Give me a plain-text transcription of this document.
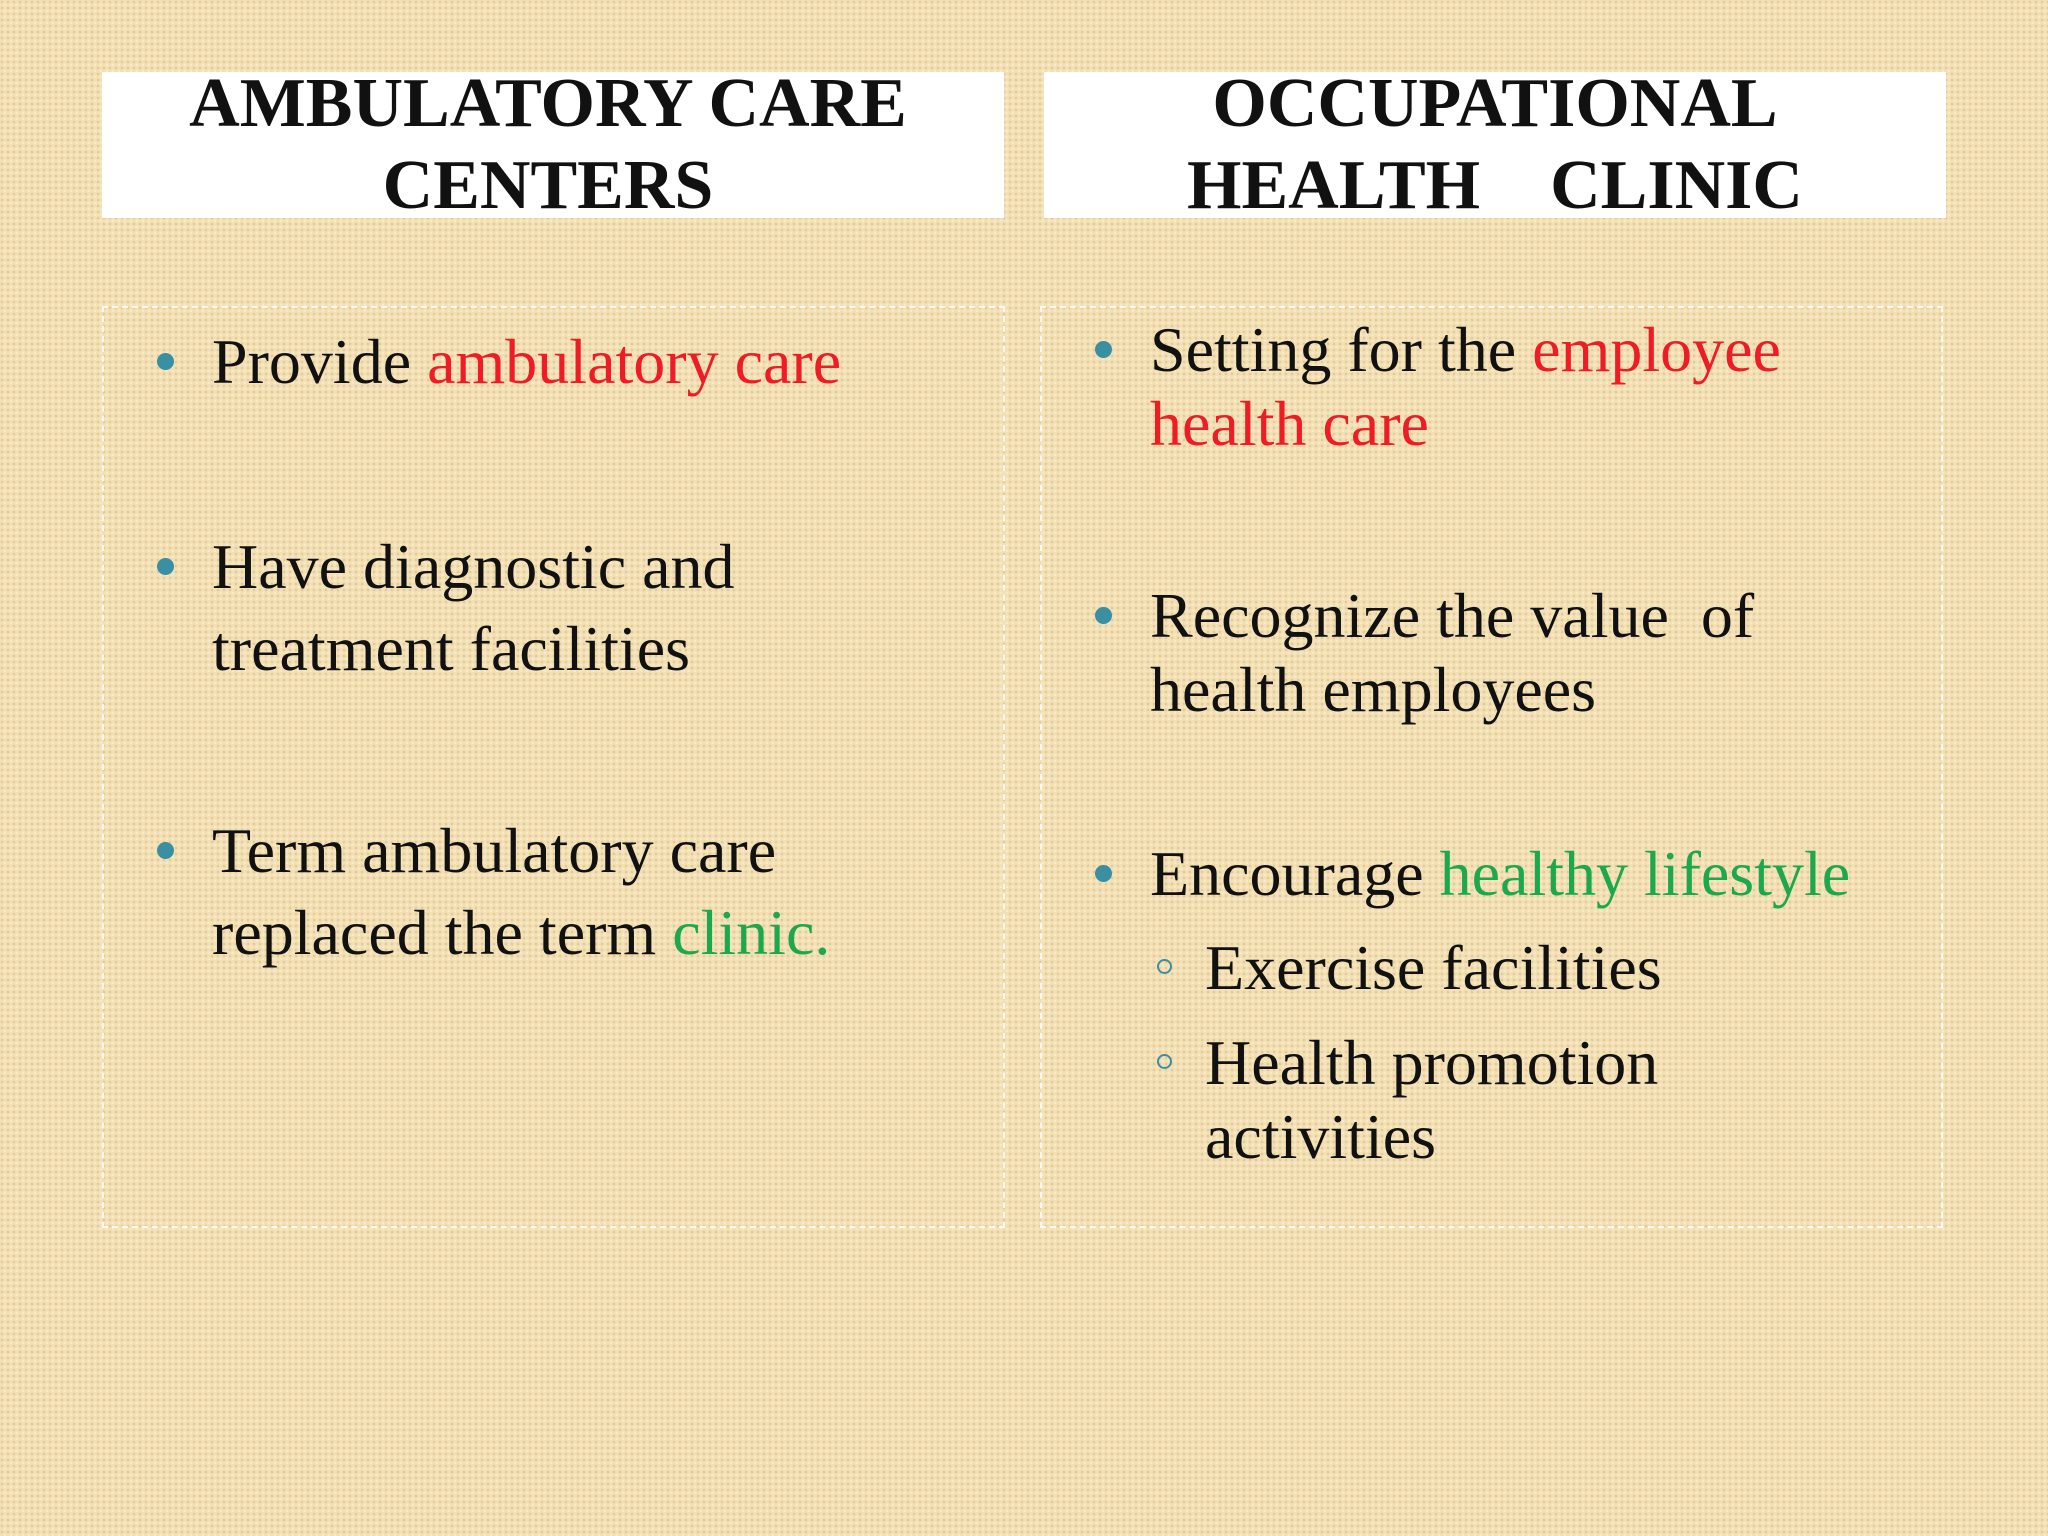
AMBULATORY CARE
CENTERS

OCCUPATIONAL
HEALTH    CLINIC

Provide ambulatory care
Have diagnostic and
treatment facilities
Term ambulatory care
replaced the term clinic.
Setting for the employee
health care
Recognize the value  of
health employees
Encourage healthy lifestyle
Exercise facilities
Health promotion
activities
